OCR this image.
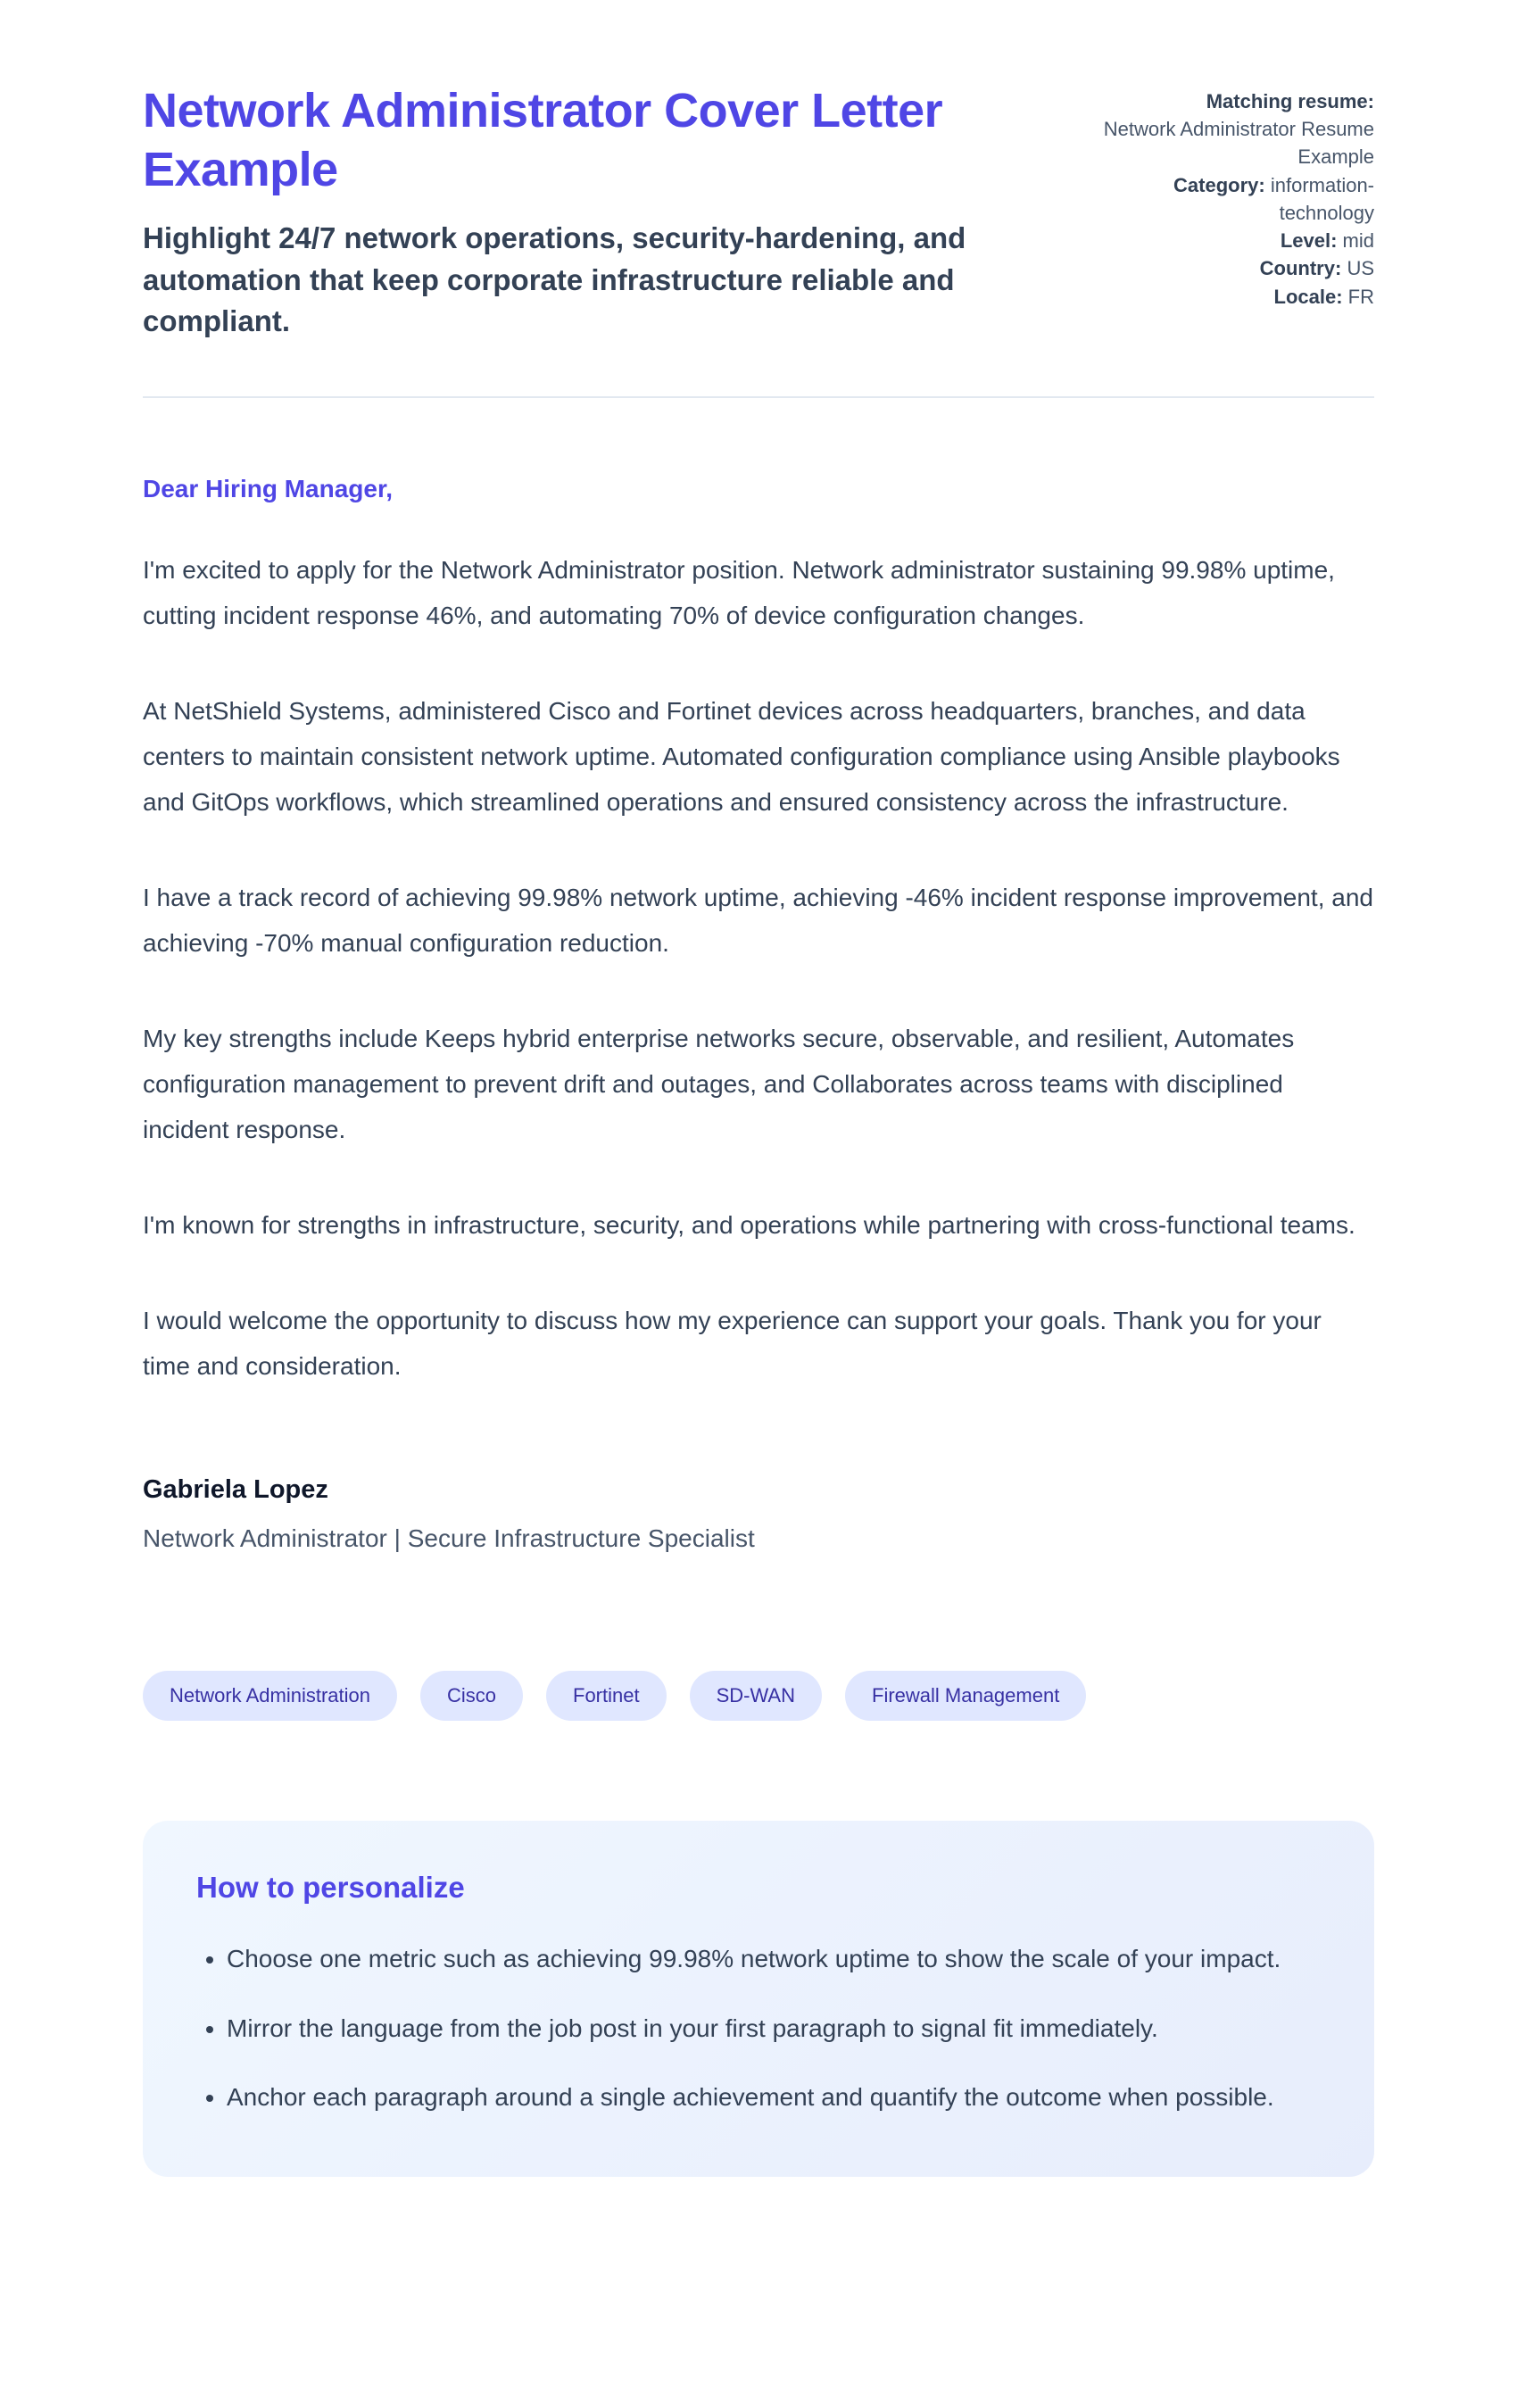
Network Administrator Cover Letter Example

Highlight 24/7 network operations, security-hardening, and automation that keep corporate infrastructure reliable and compliant.

Matching resume:
Network Administrator Resume Example

Category: information-technology

Level: mid

Country: US

Locale: FR

Dear Hiring Manager,

I'm excited to apply for the Network Administrator position. Network administrator sustaining 99.98% uptime, cutting incident response 46%, and automating 70% of device configuration changes.

At NetShield Systems, administered Cisco and Fortinet devices across headquarters, branches, and data centers to maintain consistent network uptime. Automated configuration compliance using Ansible playbooks and GitOps workflows, which streamlined operations and ensured consistency across the infrastructure.

I have a track record of achieving 99.98% network uptime, achieving -46% incident response improvement, and achieving -70% manual configuration reduction.

My key strengths include Keeps hybrid enterprise networks secure, observable, and resilient, Automates configuration management to prevent drift and outages, and Collaborates across teams with disciplined incident response.

I'm known for strengths in infrastructure, security, and operations while partnering with cross-functional teams.

I would welcome the opportunity to discuss how my experience can support your goals. Thank you for your time and consideration.

Gabriela Lopez

Network Administrator | Secure Infrastructure Specialist

Network Administration	Cisco	Fortinet	SD-WAN	Firewall Management
How to personalize
• Choose one metric such as achieving 99.98% network uptime to show the scale of your impact.
• Mirror the language from the job post in your first paragraph to signal fit immediately.
• Anchor each paragraph around a single achievement and quantify the outcome when possible.
